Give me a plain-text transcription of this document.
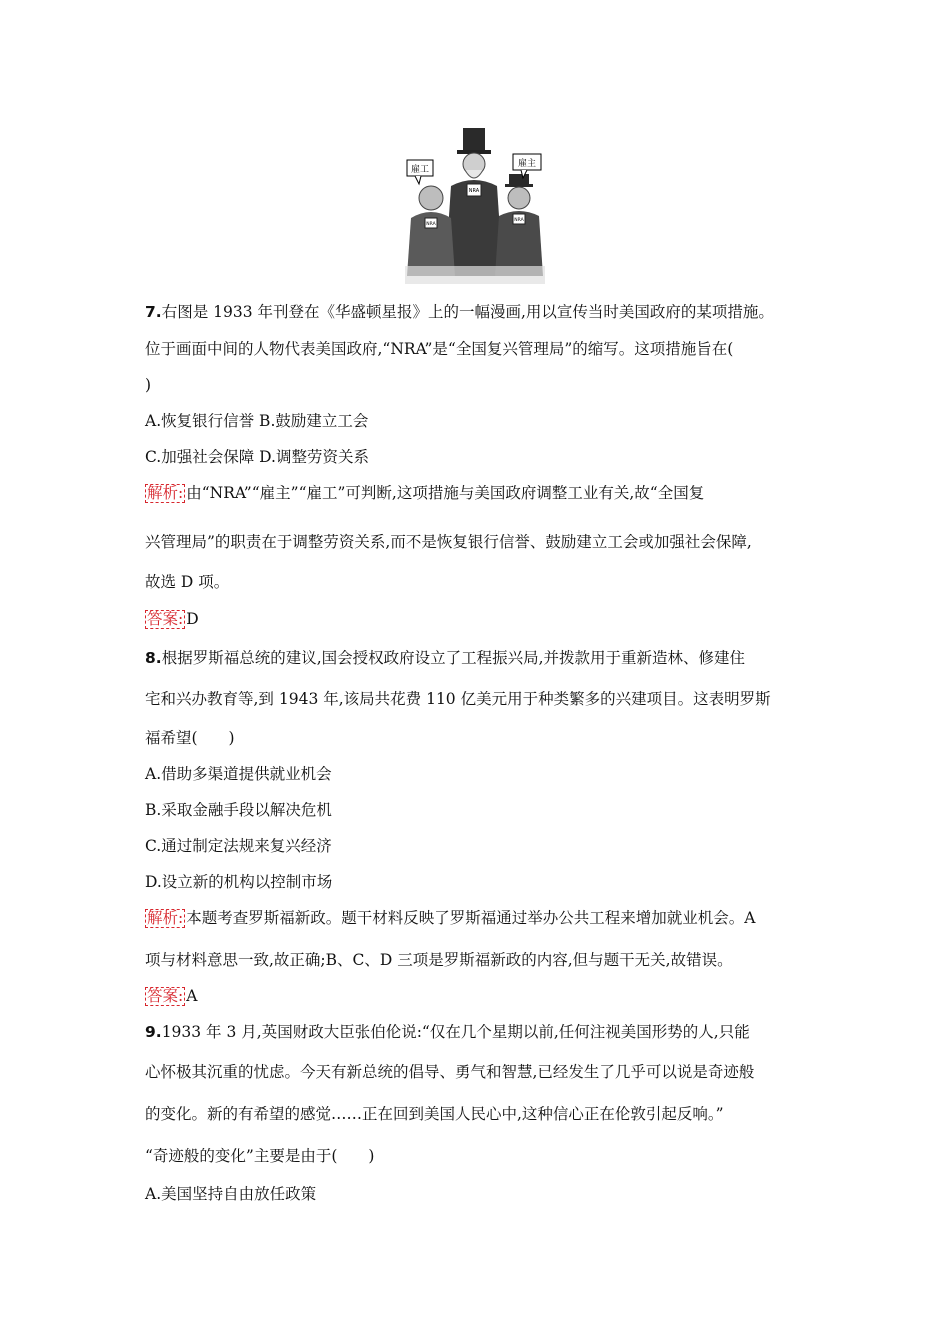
NRA
NRA
NRA
雇工
雇主
7.右图是 1933 年刊登在《华盛顿星报》上的一幅漫画,用以宣传当时美国政府的某项措施。
位于画面中间的人物代表美国政府,“NRA”是“全国复兴管理局”的缩写。这项措施旨在(
)
A.恢复银行信誉 B.鼓励建立工会
C.加强社会保障 D.调整劳资关系
解析: 由“NRA”“雇主”“雇工”可判断,这项措施与美国政府调整工业有关,故“全国复
兴管理局”的职责在于调整劳资关系,而不是恢复银行信誉、鼓励建立工会或加强社会保障,
故选 D 项。
答案: D
8.根据罗斯福总统的建议,国会授权政府设立了工程振兴局,并拨款用于重新造林、修建住
宅和兴办教育等,到 1943 年,该局共花费 110 亿美元用于种类繁多的兴建项目。这表明罗斯
福希望(　　)
A.借助多渠道提供就业机会
B.采取金融手段以解决危机
C.通过制定法规来复兴经济
D.设立新的机构以控制市场
解析: 本题考查罗斯福新政。题干材料反映了罗斯福通过举办公共工程来增加就业机会。A
项与材料意思一致,故正确;B、C、D 三项是罗斯福新政的内容,但与题干无关,故错误。
答案: A
9.1933 年 3 月,英国财政大臣张伯伦说:“仅在几个星期以前,任何注视美国形势的人,只能
心怀极其沉重的忧虑。今天有新总统的倡导、勇气和智慧,已经发生了几乎可以说是奇迹般
的变化。新的有希望的感觉……正在回到美国人民心中,这种信心正在伦敦引起反响。”
“奇迹般的变化”主要是由于(　　)
A.美国坚持自由放任政策
